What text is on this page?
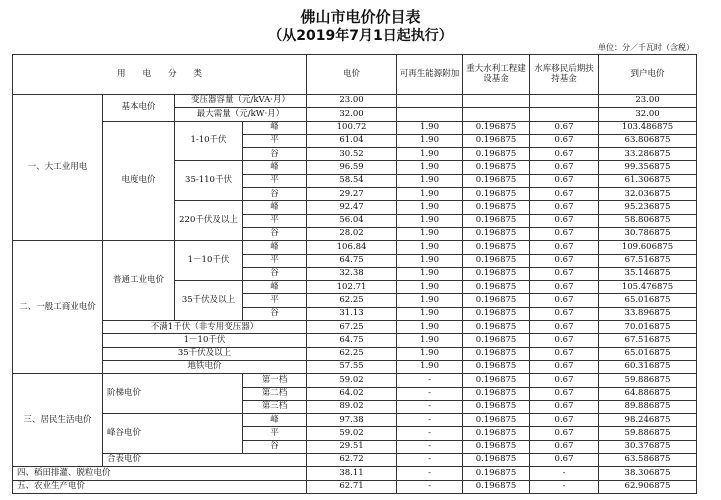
佛山市电价价目表
（从2019年7月1日起执行）
单位：分／千瓦时（含税）
用　　电　　分　　类				电价	可再生能源附加	重大水利工程建设基金	水库移民后期扶持基金	到户电价
一、大工业用电	基本电价	变压器容量（元/kVA·月）		23.00				23.00
		最大需量（元/kW·月）		32.00				32.00
	电度电价	1-10千伏	峰	100.72	1.90	0.196875	0.67	103.486875
			平	61.04	1.90	0.196875	0.67	63.806875
			谷	30.52	1.90	0.196875	0.67	33.286875
		35-110千伏	峰	96.59	1.90	0.196875	0.67	99.356875
			平	58.54	1.90	0.196875	0.67	61.306875
			谷	29.27	1.90	0.196875	0.67	32.036875
		220千伏及以上	峰	92.47	1.90	0.196875	0.67	95.236875
			平	56.04	1.90	0.196875	0.67	58.806875
			谷	28.02	1.90	0.196875	0.67	30.786875
二、一般工商业电价	普通工业电价	1－10千伏	峰	106.84	1.90	0.196875	0.67	109.606875
			平	64.75	1.90	0.196875	0.67	67.516875
			谷	32.38	1.90	0.196875	0.67	35.146875
		35千伏及以上	峰	102.71	1.90	0.196875	0.67	105.476875
			平	62.25	1.90	0.196875	0.67	65.016875
			谷	31.13	1.90	0.196875	0.67	33.896875
	不满1千伏（非专用变压器）			67.25	1.90	0.196875	0.67	70.016875
	1－10千伏			64.75	1.90	0.196875	0.67	67.516875
	35千伏及以上			62.25	1.90	0.196875	0.67	65.016875
	地铁电价			57.55	1.90	0.196875	0.67	60.316875
三、居民生活电价	阶梯电价		第一档	59.02	-	0.196875	0.67	59.886875
			第二档	64.02	-	0.196875	0.67	64.886875
			第三档	89.02	-	0.196875	0.67	89.886875
	峰谷电价		峰	97.38	-	0.196875	0.67	98.246875
			平	59.02	-	0.196875	0.67	59.886875
			谷	29.51	-	0.196875	0.67	30.376875
	合表电价			62.72	-	0.196875	0.67	63.586875
四、稻田排灌、脱粒电价				38.11	-	0.196875	-	38.306875
五、农业生产电价				62.71	-	0.196875	-	62.906875
